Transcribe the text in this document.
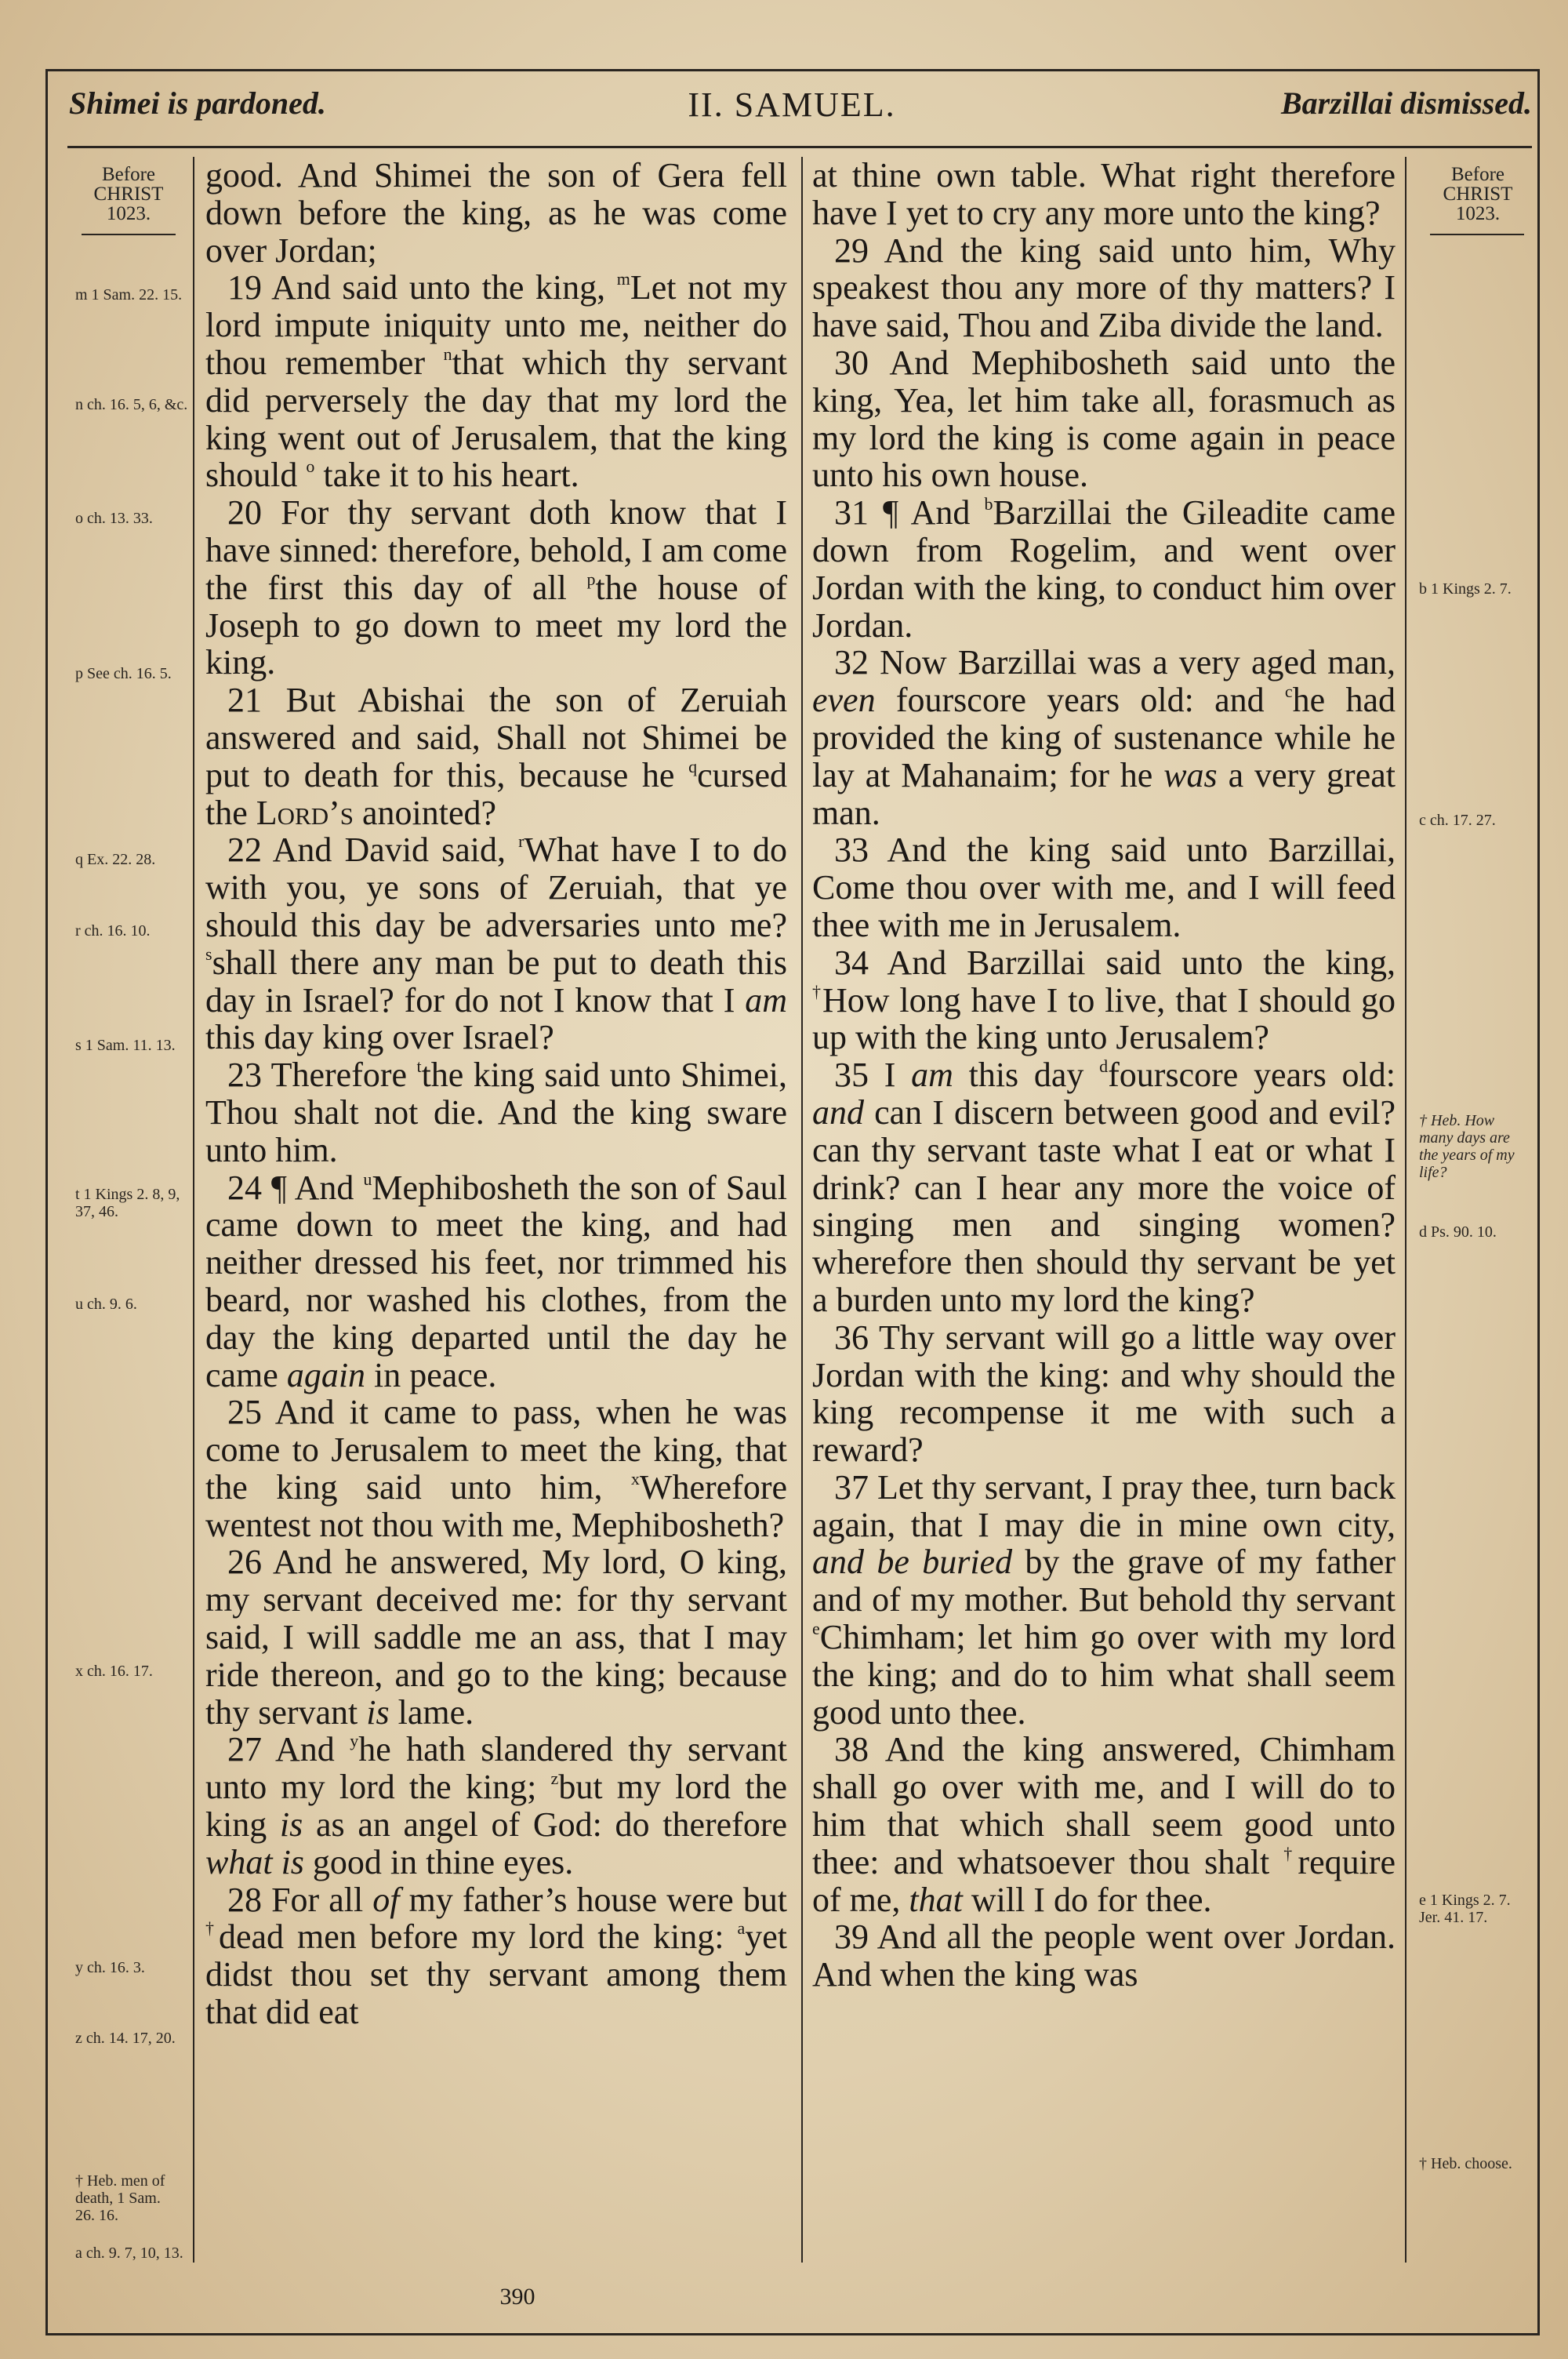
Shimei is pardoned.	II. SAMUEL.	Barzillai dismissed.
Before
CHRIST
1023.
Before
CHRIST
1023.
m 1 Sam. 22. 15.
n ch. 16. 5, 6, &c.
o ch. 13. 33.
p See ch. 16. 5.
q Ex. 22. 28.
r ch. 16. 10.
s 1 Sam. 11. 13.
t 1 Kings 2. 8, 9, 37, 46.
u ch. 9. 6.
x ch. 16. 17.
y ch. 16. 3.
z ch. 14. 17, 20.
† Heb. men of death, 1 Sam. 26. 16.
a ch. 9. 7, 10, 13.
b 1 Kings 2. 7.
c ch. 17. 27.
† Heb. How many days are the years of my life?
d Ps. 90. 10.
e 1 Kings 2. 7. Jer. 41. 17.
† Heb. choose.

good. And Shimei the son of Gera fell down before the king, as he was come over Jordan;

19 And said unto the king, $^m$Let not my lord impute iniquity unto me, neither do thou remember $^n$that which thy servant did perversely the day that my lord the king went out of Jerusalem, that the king should $^o$ take it to his heart.

20 For thy servant doth know that I have sinned: therefore, behold, I am come the first this day of all $^p$the house of Joseph to go down to meet my lord the king.

21 But Abishai the son of Zeruiah answered and said, Shall not Shimei be put to death for this, because he $^q$cursed the Lord’s anointed?

22 And David said, $^r$What have I to do with you, ye sons of Zeruiah, that ye should this day be adversaries unto me? $^s$shall there any man be put to death this day in Israel? for do not I know that I am this day king over Israel?

23 Therefore $^t$the king said unto Shimei, Thou shalt not die. And the king sware unto him.

24 ¶ And $^u$Mephibosheth the son of Saul came down to meet the king, and had neither dressed his feet, nor trimmed his beard, nor washed his clothes, from the day the king departed until the day he came again in peace.

25 And it came to pass, when he was come to Jerusalem to meet the king, that the king said unto him, $^x$Wherefore wentest not thou with me, Mephibosheth?

26 And he answered, My lord, O king, my servant deceived me: for thy servant said, I will saddle me an ass, that I may ride thereon, and go to the king; because thy servant is lame.

27 And $^y$he hath slandered thy servant unto my lord the king; $^z$but my lord the king is as an angel of God: do therefore what is good in thine eyes.

28 For all of my father’s house were but †dead men before my lord the king: $^a$yet didst thou set thy servant among them that did eat

at thine own table. What right therefore have I yet to cry any more unto the king?

29 And the king said unto him, Why speakest thou any more of thy matters? I have said, Thou and Ziba divide the land.

30 And Mephibosheth said unto the king, Yea, let him take all, forasmuch as my lord the king is come again in peace unto his own house.

31 ¶ And $^b$Barzillai the Gileadite came down from Rogelim, and went over Jordan with the king, to conduct him over Jordan.

32 Now Barzillai was a very aged man, even fourscore years old: and $^c$he had provided the king of sustenance while he lay at Mahanaim; for he was a very great man.

33 And the king said unto Barzillai, Come thou over with me, and I will feed thee with me in Jerusalem.

34 And Barzillai said unto the king, †How long have I to live, that I should go up with the king unto Jerusalem?

35 I am this day $^d$fourscore years old: and can I discern between good and evil? can thy servant taste what I eat or what I drink? can I hear any more the voice of singing men and singing women? wherefore then should thy servant be yet a burden unto my lord the king?

36 Thy servant will go a little way over Jordan with the king: and why should the king recompense it me with such a reward?

37 Let thy servant, I pray thee, turn back again, that I may die in mine own city, and be buried by the grave of my father and of my mother. But behold thy servant $^e$Chimham; let him go over with my lord the king; and do to him what shall seem good unto thee.

38 And the king answered, Chimham shall go over with me, and I will do to him that which shall seem good unto thee: and whatsoever thou shalt †require of me, that will I do for thee.

39 And all the people went over Jordan. And when the king was

390
